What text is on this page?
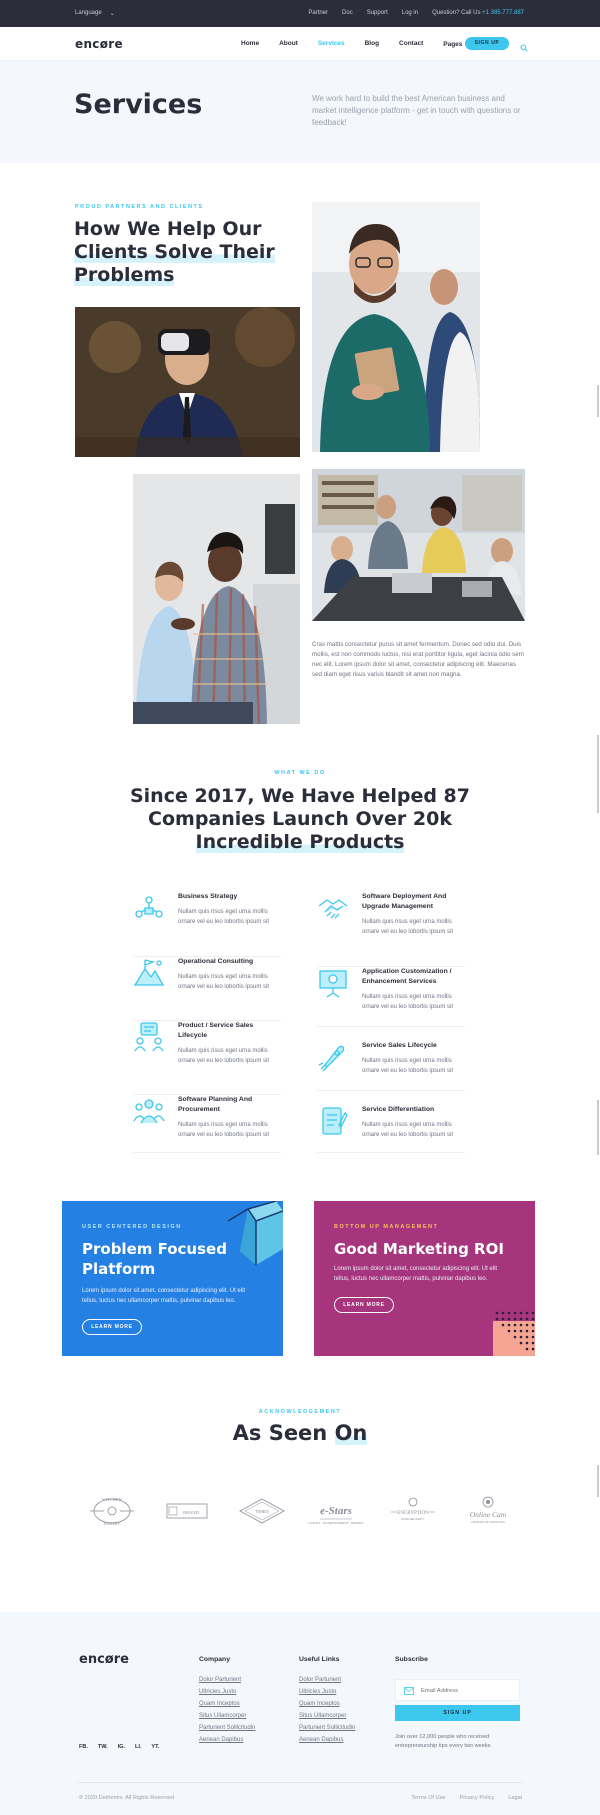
Language ⌄	Partner Doc Support Log in Question? Call Us +1 385.777.887
encøre	Home	About	Services	Blog	Contact	Pages	SIGN UP
Services	We work hard to build the best American business and market intelligence platform - get in touch with questions or feedback!

PROUD PARTNERS AND CLIENTS
How We Help Our
Clients Solve Their
Problems

Cras mattis consectetur purus sit amet fermentum. Donec sed odio dui. Duis mollis, est non commodo luctus, nisi erat porttitor ligula, eget lacinia odio sem nec elit. Lorem ipsum dolor sit amet, consectetur adipiscing elit. Maecenas sed diam eget risus varius blandit sit amet non magna.

WHAT WE DO
Since 2017, We Have Helped 87
Companies Launch Over 20k
Incredible Products
Business Strategy

Nullam quis risus eget urna mollis ornare vel eu leo lobortis ipsum sit

Software Deployment And Upgrade Management

Nullam quis risus eget urna mollis ornare vel eu leo lobortis ipsum sit

Operational Consulting

Nullam quis risus eget urna mollis ornare vel eu leo lobortis ipsum sit

Application Customization / Enhancement Services

Nullam quis risus eget urna mollis ornare vel eu leo lobortis ipsum sit

Product / Service Sales Lifecycle

Nullam quis risus eget urna mollis ornare vel eu leo lobortis ipsum sit

Service Sales Lifecycle

Nullam quis risus eget urna mollis ornare vel eu leo lobortis ipsum sit

Software Planning And Procurement

Nullam quis risus eget urna mollis ornare vel eu leo lobortis ipsum sit

Service Differentiation

Nullam quis risus eget urna mollis ornare vel eu leo lobortis ipsum sit

USER CENTERED DESIGN
Problem Focused
Platform

Lorem ipsum dolor sit amet, consectetur adipiscing elit. Ut elit tellus, luctus nec ullamcorper mattis, pulvinar dapibus leo.

LEARN MORE
BOTTOM UP MANAGEMENT
Good Marketing ROI

Lorem ipsum dolor sit amet, consectetur adipiscing elit. Ut elit tellus, luctus nec ullamcorper mattis, pulvinar dapibus leo.

LEARN MORE
ACKNOWLEDGEMENT
As Seen On
KITCHEN
BAKERY
BRAND	TIMES	e-Stars
LUXURY · ENTERTAINMENT · RESORT
ENCRYPTION
DATA SECURITY	Online Cam
LESSONS OF SHOOTING
encøre
FB. TW. IG. LI. YT.
Company
Dolor Parturient
Ultricies Justo
Quam Inceptos
Situs Ullamcorper
Parturient Sollicitudin
Aenean Dapibus
Useful Links
Dolor Parturient
Ultricies Justo
Quam Inceptos
Situs Ullamcorper
Parturient Sollicitudin
Aenean Dapibus
Subscribe
Email Address
SIGN UP

Join over 12,000 people who received entrepreneurship tips every two weeks

© 2020 Dethemix. All Rights Reserved	Terms Of Use	Privacy Policy	Legal
